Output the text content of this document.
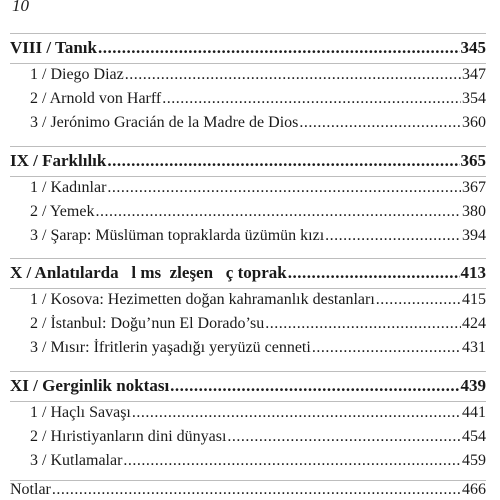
10
VIII / Tanık .....	345
1 / Diego Diaz .....	347
2 / Arnold von Harff .....	354
3 / Jerónimo Gracián de la Madre de Dios .....	360
IX / Farklılık .....	365
1 / Kadınlar .....	367
2 / Yemek .....	380
3 / Şarap: Müslüman topraklarda üzümün kızı .....	394
X / Anlatılarda   l ms  zleşen   ç toprak .....	413
1 / Kosova: Hezimetten doğan kahramanlık destanları .....	415
2 / İstanbul: Doğu’nun El Dorado’su .....	424
3 / Mısır: İfritlerin yaşadığı yeryüzü cenneti .....	431
XI / Gerginlik noktası .....	439
1 / Haçlı Savaşı .....	441
2 / Hıristiyanların dini dünyası .....	454
3 / Kutlamalar .....	459
Notlar .....	466
